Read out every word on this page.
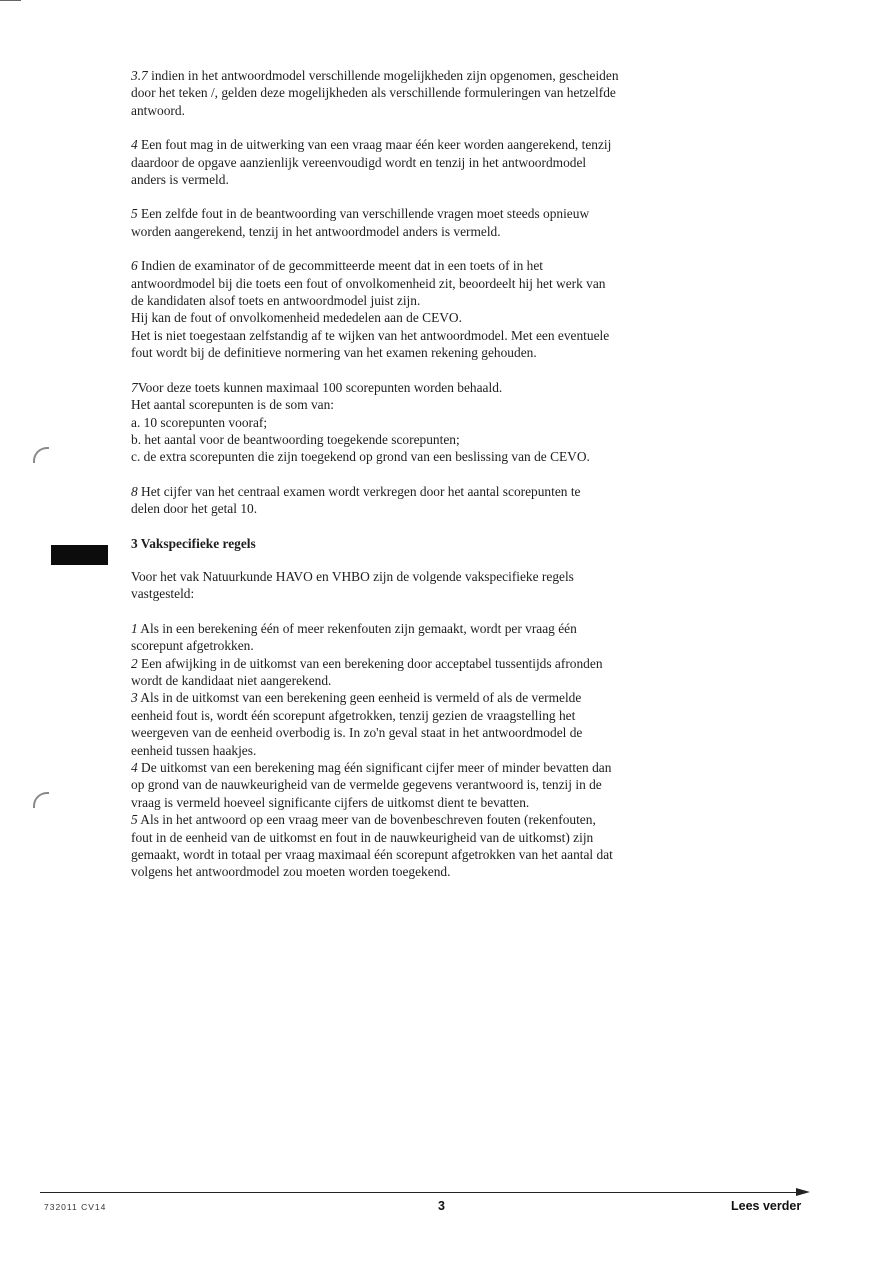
3.7 indien in het antwoordmodel verschillende mogelijkheden zijn opgenomen, gescheiden
door het teken /, gelden deze mogelijkheden als verschillende formuleringen van hetzelfde
antwoord.
4 Een fout mag in de uitwerking van een vraag maar één keer worden aangerekend, tenzij
daardoor de opgave aanzienlijk vereenvoudigd wordt en tenzij in het antwoordmodel
anders is vermeld.
5 Een zelfde fout in de beantwoording van verschillende vragen moet steeds opnieuw
worden aangerekend, tenzij in het antwoordmodel anders is vermeld.
6 Indien de examinator of de gecommitteerde meent dat in een toets of in het
antwoordmodel bij die toets een fout of onvolkomenheid zit, beoordeelt hij het werk van
de kandidaten alsof toets en antwoordmodel juist zijn.
Hij kan de fout of onvolkomenheid mededelen aan de CEVO.
Het is niet toegestaan zelfstandig af te wijken van het antwoordmodel. Met een eventuele
fout wordt bij de definitieve normering van het examen rekening gehouden.
7Voor deze toets kunnen maximaal 100 scorepunten worden behaald.
Het aantal scorepunten is de som van:
a. 10 scorepunten vooraf;
b. het aantal voor de beantwoording toegekende scorepunten;
c. de extra scorepunten die zijn toegekend op grond van een beslissing van de CEVO.
8 Het cijfer van het centraal examen wordt verkregen door het aantal scorepunten te
delen door het getal 10.
3 Vakspecifieke regels
Voor het vak Natuurkunde HAVO en VHBO zijn de volgende vakspecifieke regels
vastgesteld:
1 Als in een berekening één of meer rekenfouten zijn gemaakt, wordt per vraag één
scorepunt afgetrokken.
2 Een afwijking in de uitkomst van een berekening door acceptabel tussentijds afronden
wordt de kandidaat niet aangerekend.
3 Als in de uitkomst van een berekening geen eenheid is vermeld of als de vermelde
eenheid fout is, wordt één scorepunt afgetrokken, tenzij gezien de vraagstelling het
weergeven van de eenheid overbodig is. In zo'n geval staat in het antwoordmodel de
eenheid tussen haakjes.
4 De uitkomst van een berekening mag één significant cijfer meer of minder bevatten dan
op grond van de nauwkeurigheid van de vermelde gegevens verantwoord is, tenzij in de
vraag is vermeld hoeveel significante cijfers de uitkomst dient te bevatten.
5 Als in het antwoord op een vraag meer van de bovenbeschreven fouten (rekenfouten,
fout in de eenheid van de uitkomst en fout in de nauwkeurigheid van de uitkomst) zijn
gemaakt, wordt in totaal per vraag maximaal één scorepunt afgetrokken van het aantal dat
volgens het antwoordmodel zou moeten worden toegekend.
732011 CV14	3	Lees verder
